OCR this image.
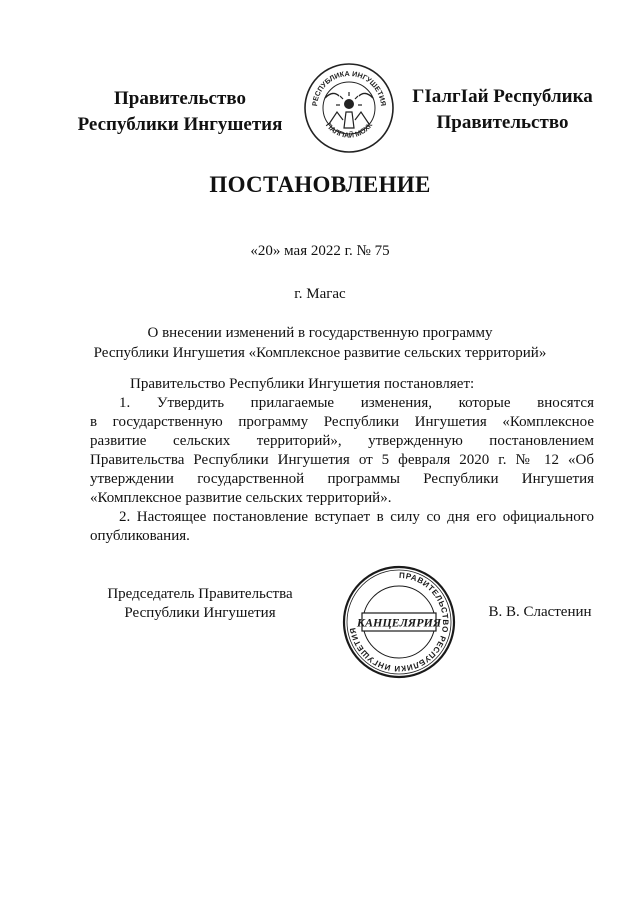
Правительство
Республики Ингушетия
РЕСПУБЛИКА ИНГУШЕТИЯ
ГІАЛГІАЙ МОХК
ГІалгІай Республика
Правительство
ПОСТАНОВЛЕНИЕ
«20» мая 2022 г. № 75
г. Магас
О внесении изменений в государственную программу
Республики Ингушетия «Комплексное развитие сельских территорий»
Правительство Республики Ингушетия постановляет:
1. Утвердить прилагаемые изменения, которые вносятся
в государственную программу Республики Ингушетия «Комплексное
развитие сельских территорий», утвержденную постановлением
Правительства Республики Ингушетия от 5 февраля 2020 г. № 12 «Об
утверждении государственной программы Республики Ингушетия
«Комплексное развитие сельских территорий».
2. Настоящее постановление вступает в силу со дня его официального
опубликования.
Председатель Правительства
Республики Ингушетия
ПРАВИТЕЛЬСТВО РЕСПУБЛИКИ ИНГУШЕТИЯ
КАНЦЕЛЯРИЯ
В. В. Сластенин
